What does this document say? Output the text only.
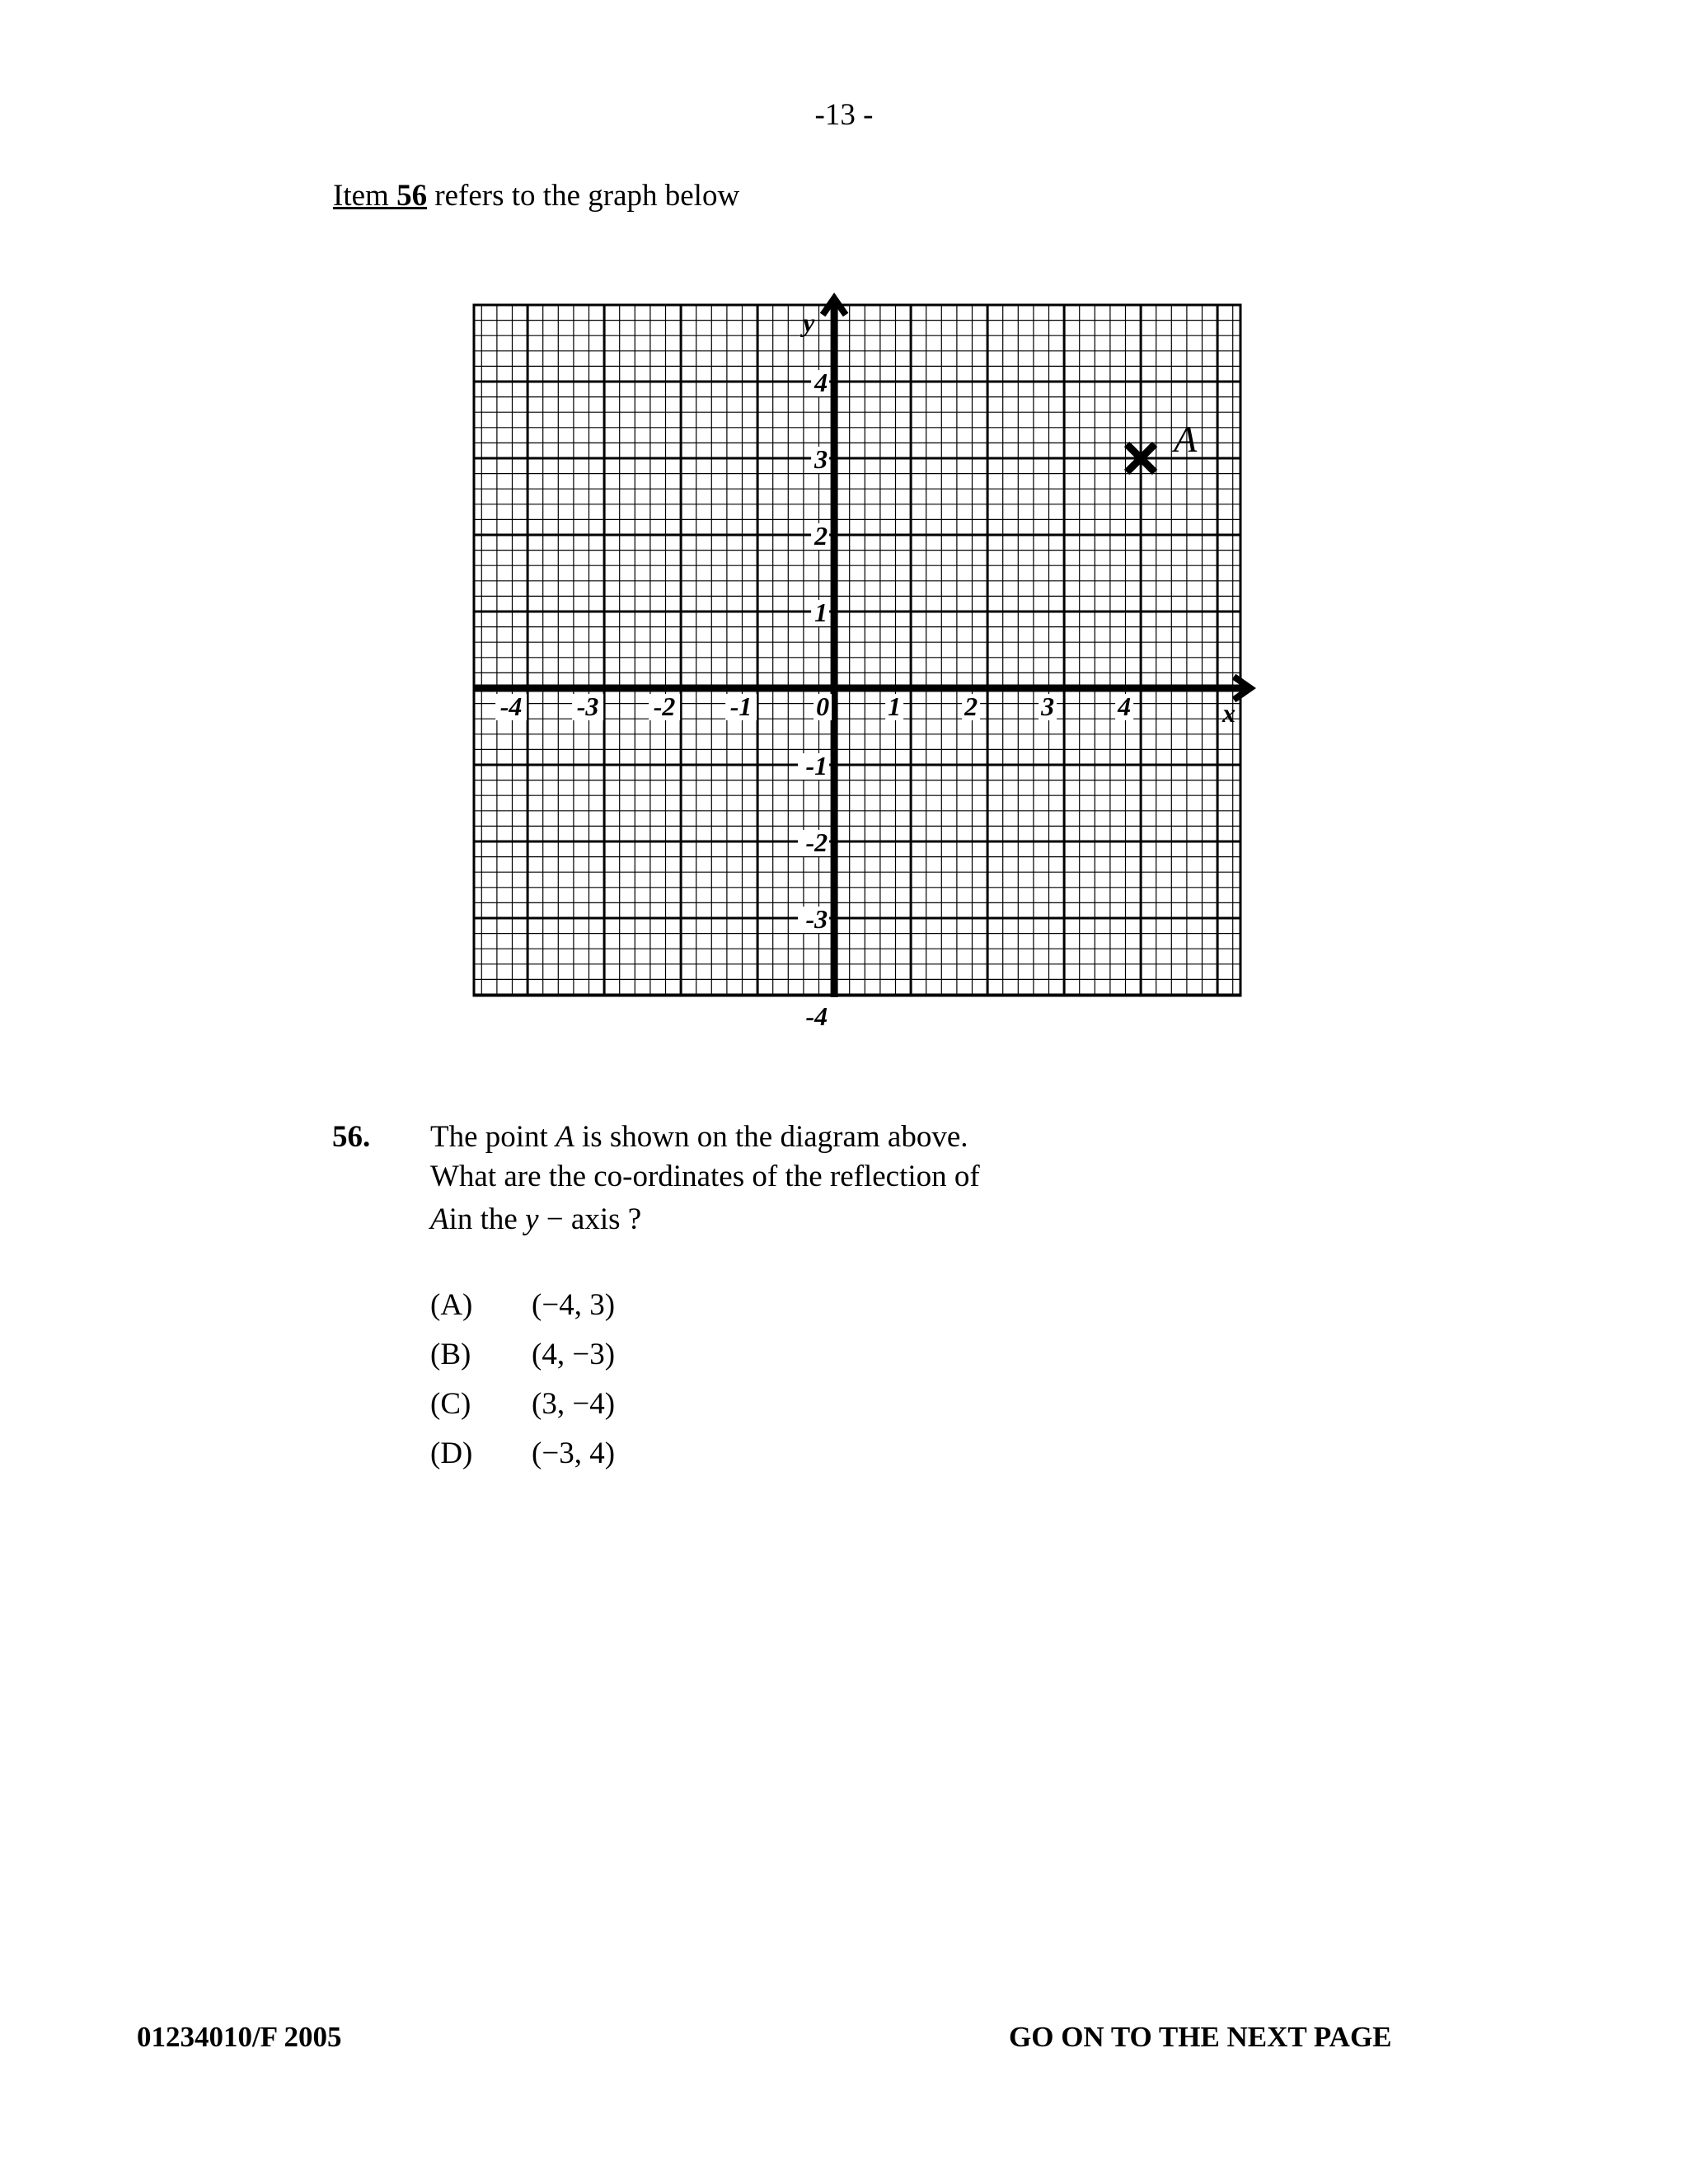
-13 -
Item 56 refers to the graph below
-4 -3 -2 -1 0 1 2 3 4
4
3
2
1
-1
-2
-3
-4
x
y
A
56. The point A is shown on the diagram above.
What are the co-ordinates of the reflection of
Ain the y − axis ?
(A) (−4, 3)
(B) (4, −3)
(C) (3, −4)
(D) (−3, 4)
01234010/F 2005	GO ON TO THE NEXT PAGE
